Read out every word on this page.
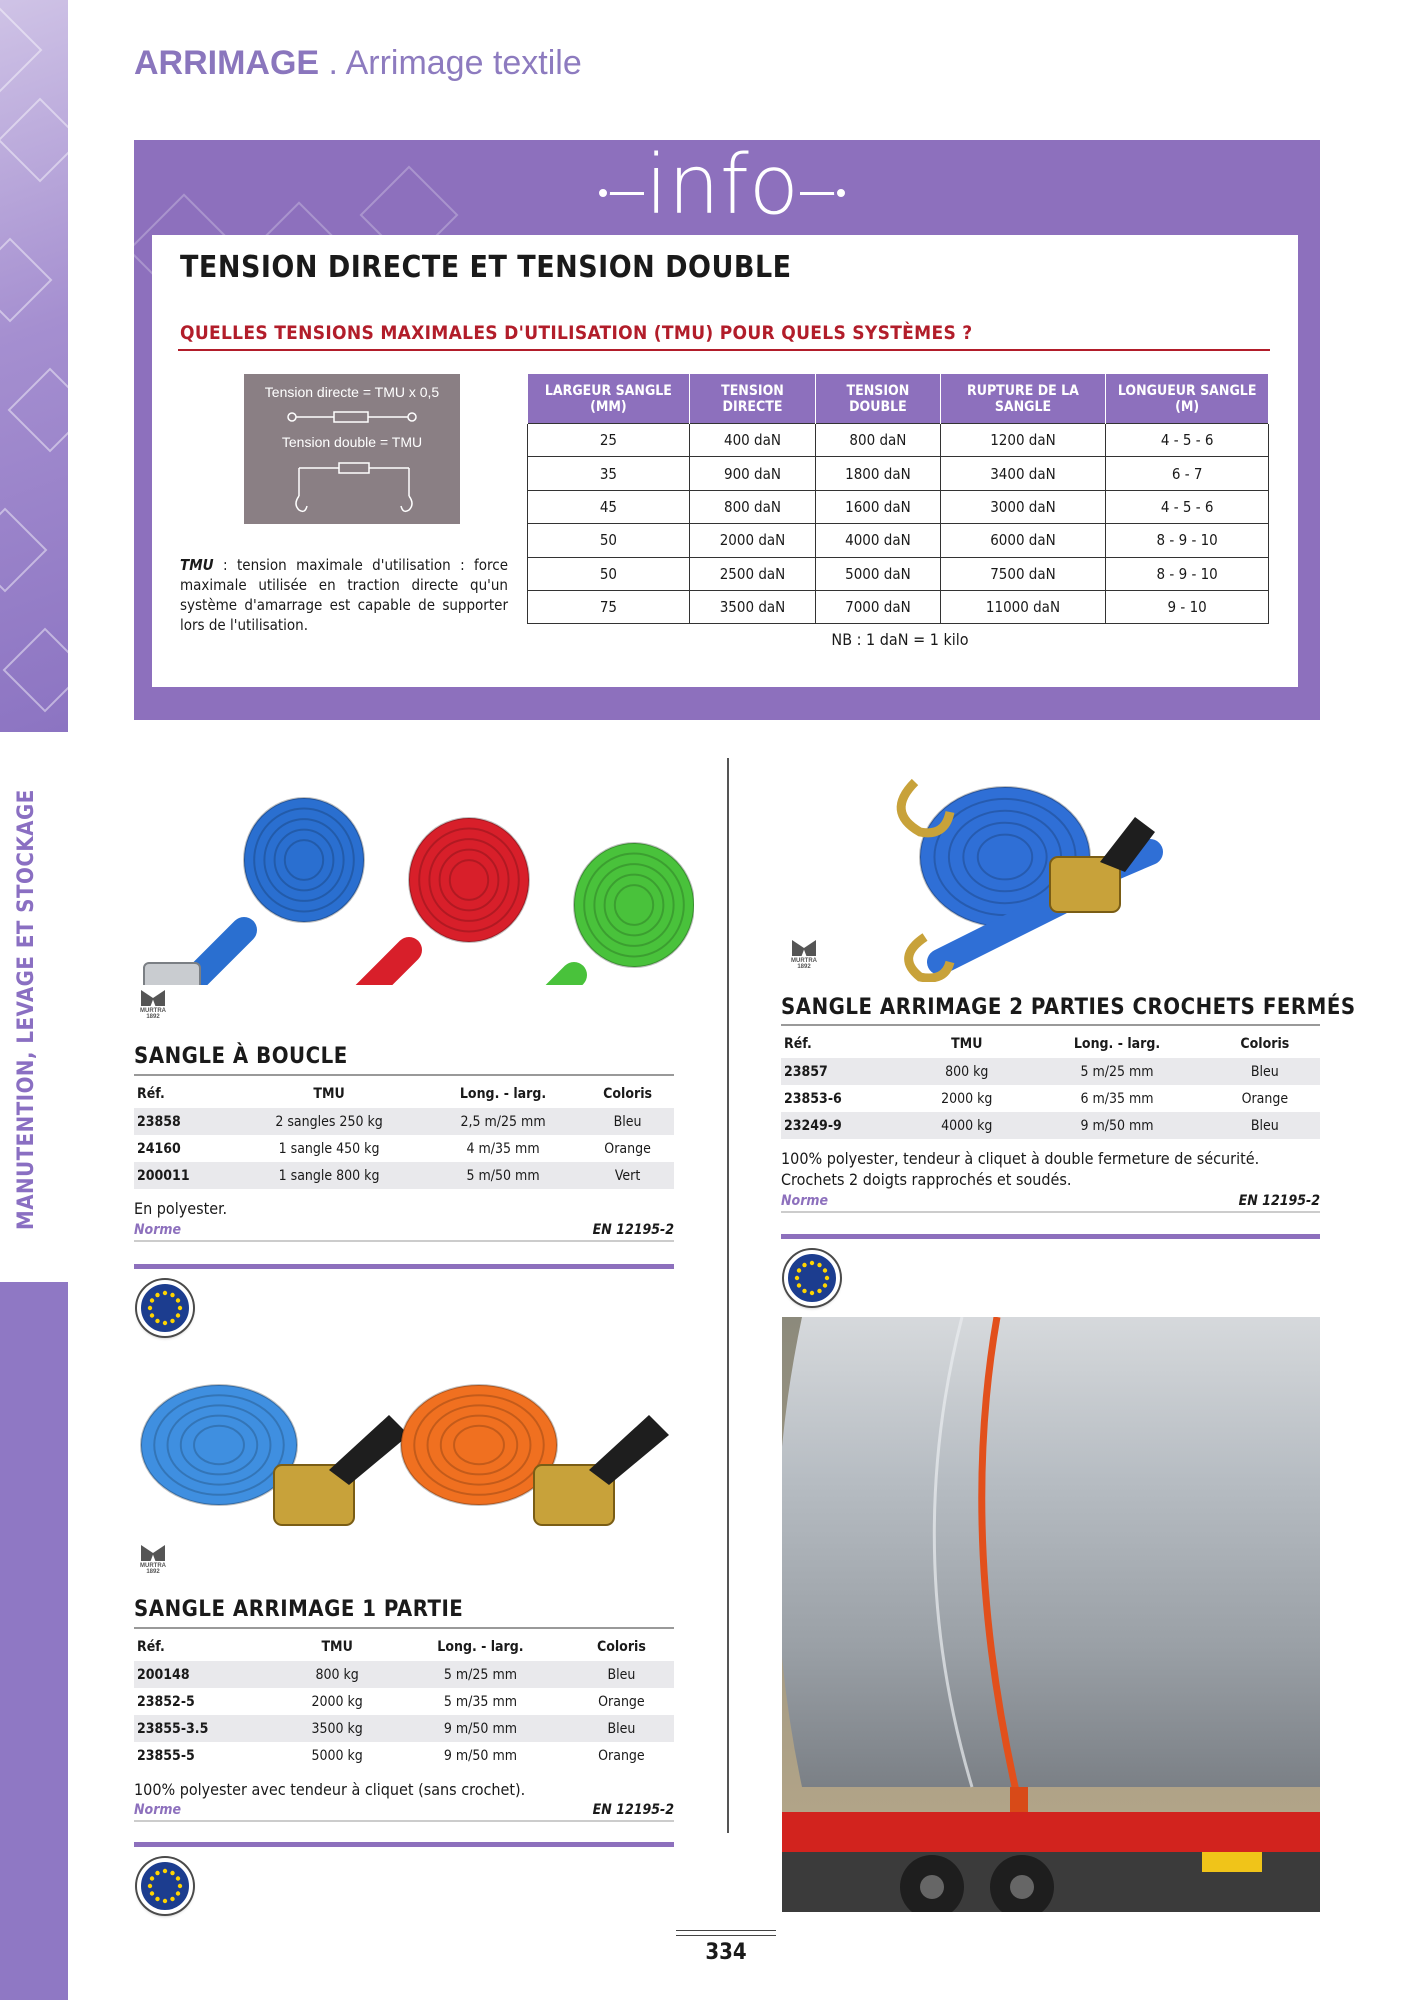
MANUTENTION, LEVAGE ET STOCKAGE
ARRIMAGE . Arrimage textile
info
TENSION DIRECTE ET TENSION DOUBLE
QUELLES TENSIONS MAXIMALES D'UTILISATION (TMU) POUR QUELS SYSTÈMES ?
Tension directe = TMU x 0,5
Tension double = TMU
TMU : tension maximale d'utilisation : force maximale utilisée en traction directe qu'un système d'amarrage est capable de supporter lors de l'utilisation.
LARGEUR SANGLE (MM)	TENSION DIRECTE	TENSION DOUBLE	RUPTURE DE LA SANGLE	LONGUEUR SANGLE (M)
25	400 daN	800 daN	1200 daN	4 - 5 - 6
35	900 daN	1800 daN	3400 daN	6 - 7
45	800 daN	1600 daN	3000 daN	4 - 5 - 6
50	2000 daN	4000 daN	6000 daN	8 - 9 - 10
50	2500 daN	5000 daN	7500 daN	8 - 9 - 10
75	3500 daN	7000 daN	11000 daN	9 - 10
NB : 1 daN = 1 kilo
MURTRA
1892
SANGLE À BOUCLE
Réf.	TMU	Long. - larg.	Coloris
23858	2 sangles 250 kg	2,5 m/25 mm	Bleu
24160	1 sangle 450 kg	4 m/35 mm	Orange
200011	1 sangle 800 kg	5 m/50 mm	Vert
En polyester.
Norme	EN 12195-2
MURTRA
1892
SANGLE ARRIMAGE 1 PARTIE
Réf.	TMU	Long. - larg.	Coloris
200148	800 kg	5 m/25 mm	Bleu
23852-5	2000 kg	5 m/35 mm	Orange
23855-3.5	3500 kg	9 m/50 mm	Bleu
23855-5	5000 kg	9 m/50 mm	Orange
100% polyester avec tendeur à cliquet (sans crochet).
Norme	EN 12195-2
MURTRA
1892
SANGLE ARRIMAGE 2 PARTIES CROCHETS FERMÉS
Réf.	TMU	Long. - larg.	Coloris
23857	800 kg	5 m/25 mm	Bleu
23853-6	2000 kg	6 m/35 mm	Orange
23249-9	4000 kg	9 m/50 mm	Bleu
100% polyester, tendeur à cliquet à double fermeture de sécurité. Crochets 2 doigts rapprochés et soudés.
Norme	EN 12195-2
334
